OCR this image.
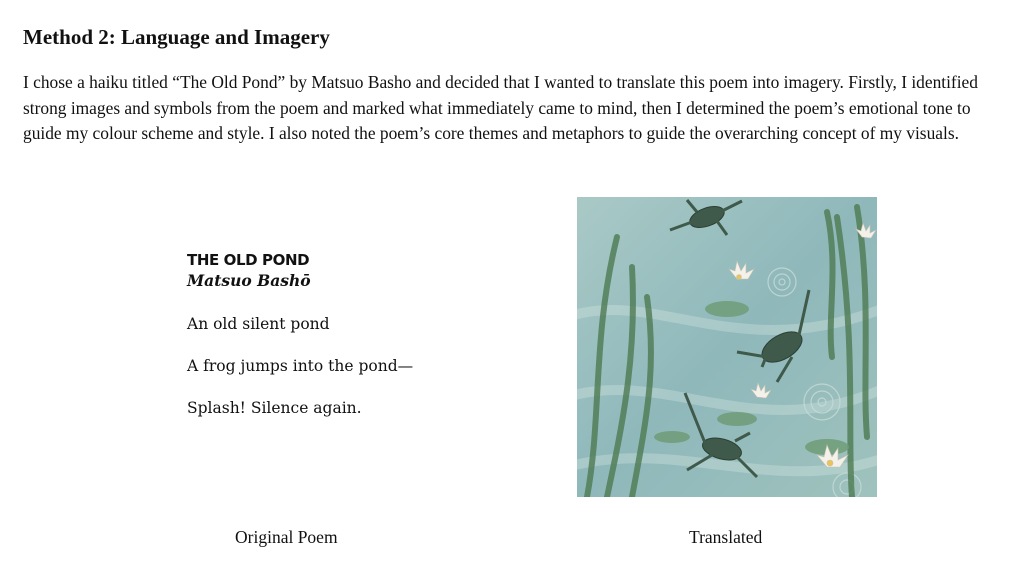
Method 2: Language and Imagery

I chose a haiku titled “The Old Pond” by Matsuo Basho and decided that I wanted to translate this poem into imagery. Firstly, I identified strong images and symbols from the poem and marked what immediately came to mind, then I determined the poem’s emotional tone to guide my colour scheme and style. I also noted the poem’s core themes and metaphors to guide the overarching concept of my visuals.

THE OLD POND

Matsuo Bashō

An old silent pond

A frog jumps into the pond—

Splash! Silence again.

Original Poem	Translated
